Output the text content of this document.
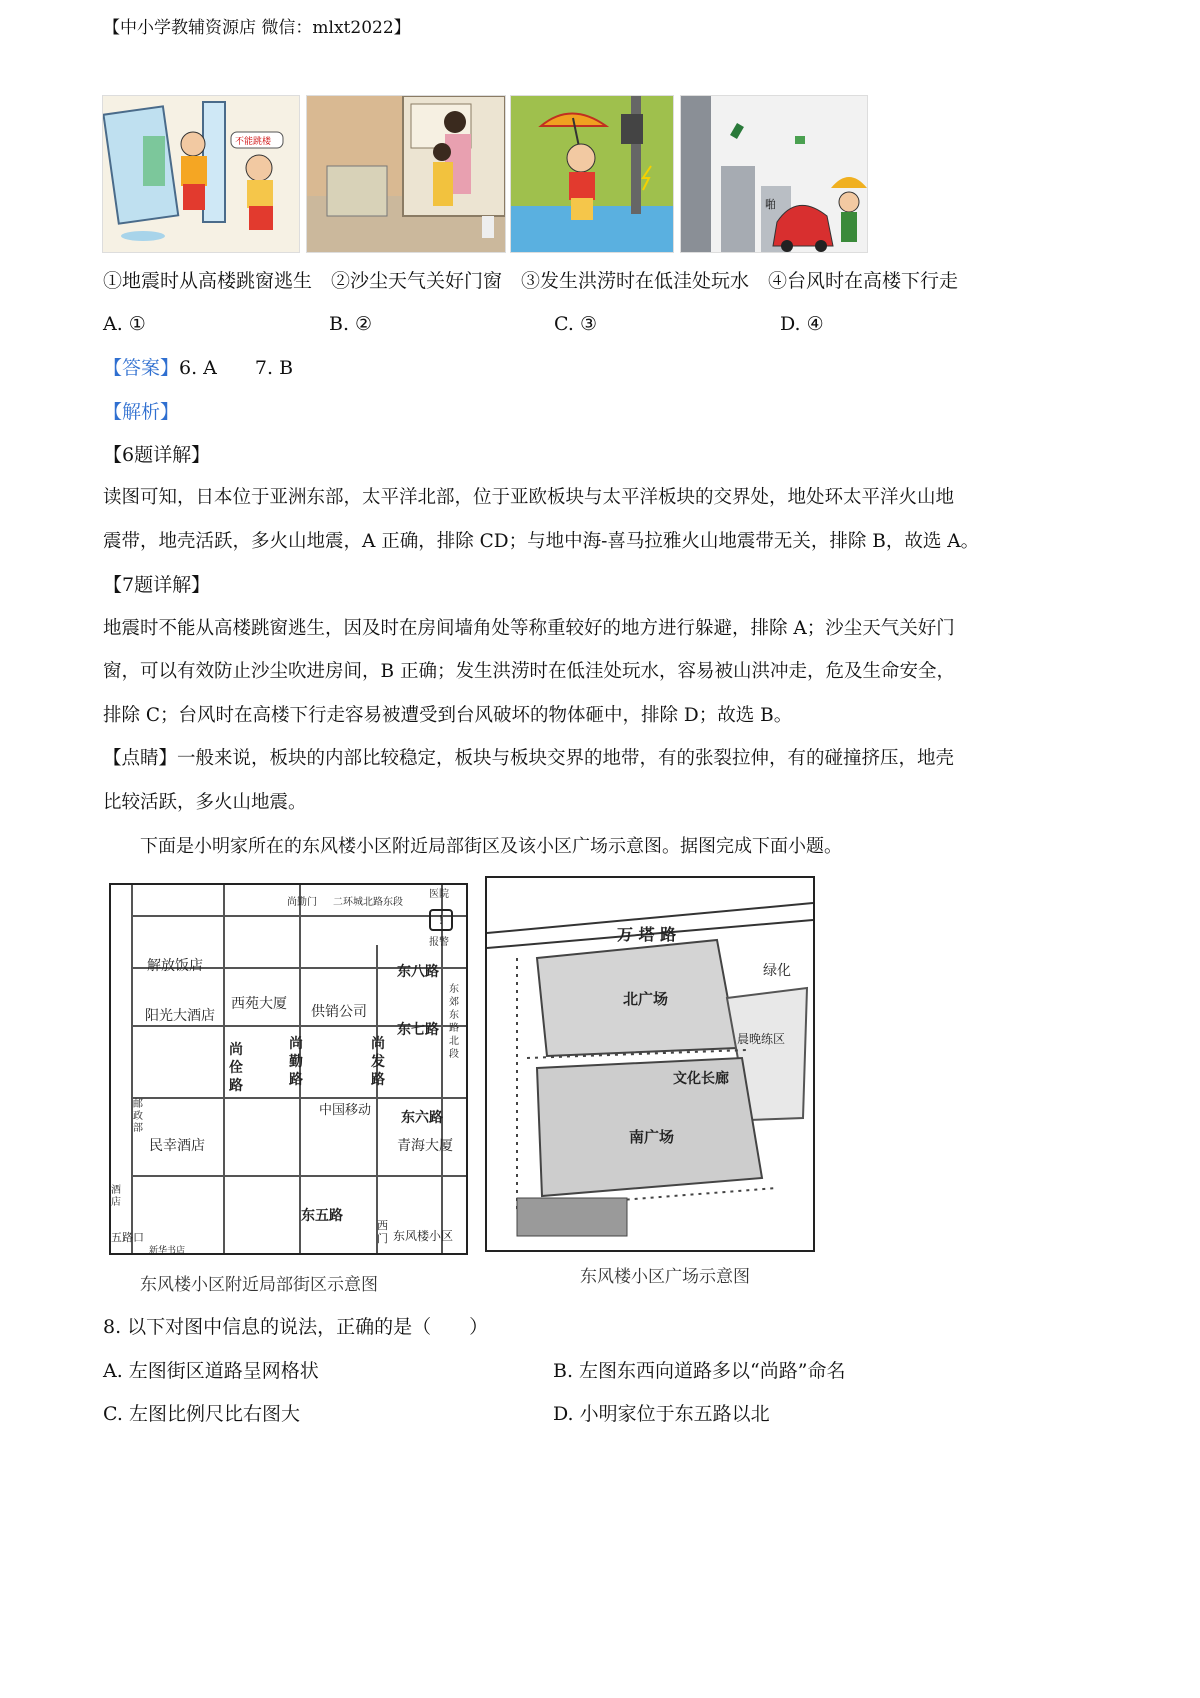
【中小学教辅资源店 微信：mlxt2022】
不能跳楼
啪
①地震时从高楼跳窗逃生　②沙尘天气关好门窗　③发生洪涝时在低洼处玩水　④台风时在高楼下行走
A. ①	B. ②	C. ③	D. ④
【答案】6. A　　7. B
【解析】
【6题详解】
读图可知，日本位于亚洲东部，太平洋北部，位于亚欧板块与太平洋板块的交界处，地处环太平洋火山地
震带，地壳活跃，多火山地震，A 正确，排除 CD；与地中海-喜马拉雅火山地震带无关，排除 B，故选 A。
【7题详解】
地震时不能从高楼跳窗逃生，因及时在房间墙角处等称重较好的地方进行躲避，排除 A；沙尘天气关好门
窗，可以有效防止沙尘吹进房间，B 正确；发生洪涝时在低洼处玩水，容易被山洪冲走，危及生命安全，
排除 C；台风时在高楼下行走容易被遭受到台风破坏的物体砸中，排除 D；故选 B。
【点睛】一般来说，板块的内部比较稳定，板块与板块交界的地带，有的张裂拉伸，有的碰撞挤压，地壳
比较活跃，多火山地震。
下面是小明家所在的东风楼小区附近局部街区及该小区广场示意图。据图完成下面小题。
尚勤门 二环城北路东段
医院
报警
!
解放饭店	东八路
西苑大厦
阳光大酒店	供销公司
东七路
尚
佺
路
尚
勤
路
尚
发
路
东
郊
东
路
北
段
中国移动 东六路
民幸酒店	青海大厦
东五路
西
门 东风楼小区
五路口
邮
政
部
酒
店
新华书店
东风楼小区附近局部街区示意图
万 塔 路
绿化
北广场
晨晚练区
文化长廊
南广场
东风楼小区广场示意图
8. 以下对图中信息的说法，正确的是（　　）
A. 左图街区道路呈网格状	B. 左图东西向道路多以“尚路”命名
C. 左图比例尺比右图大	D. 小明家位于东五路以北
